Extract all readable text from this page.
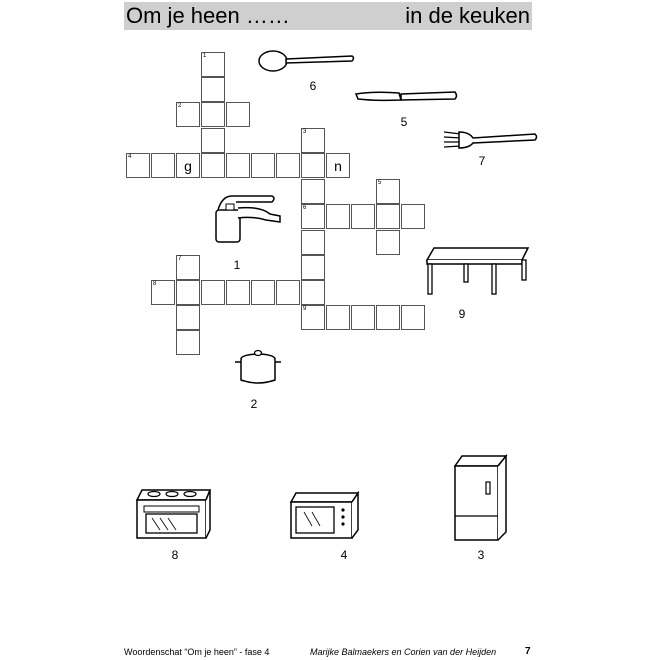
Om je heen ……	in de keuken
1
2
3
4
g	n
5
6
7
8
9
6
5
7
1
9
2
8	4	3
Woordenschat “Om je heen” - fase 4	Marijke Balmaekers en Corien van der Heijden	7
